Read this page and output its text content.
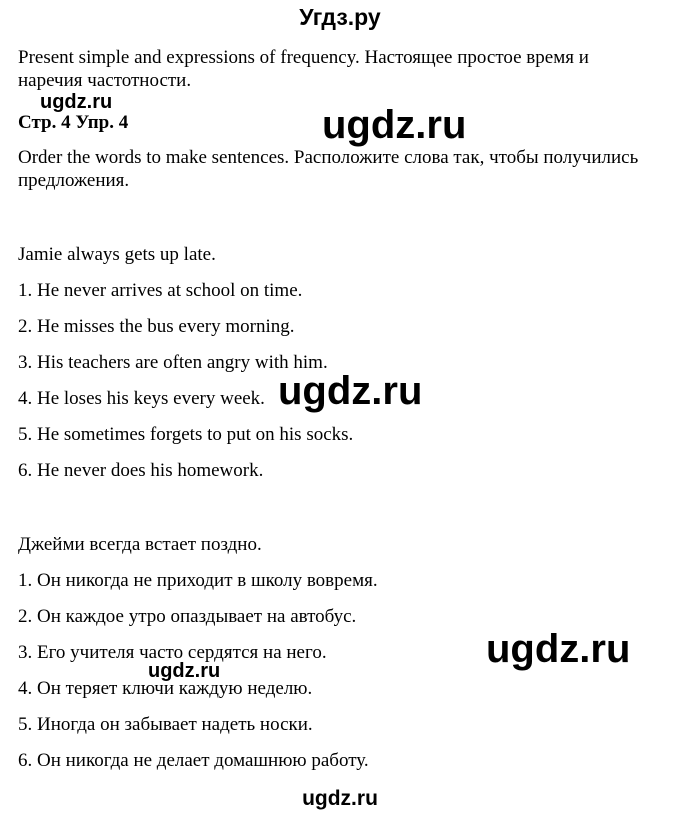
Угдз.ру

Present simple and expressions of frequency. Настоящее простое время и наречия частотности.

ugdz.ru

Стр. 4 Упр. 4	ugdz.ru

Order the words to make sentences. Расположите слова так, чтобы получились предложения.

Jamie always gets up late.

1. He never arrives at school on time.

2. He misses the bus every morning.

3. His teachers are often angry with him.

4. He loses his keys every week.

5. He sometimes forgets to put on his socks.

6. He never does his homework.

ugdz.ru

Джейми всегда встает поздно.

1. Он никогда не приходит в школу вовремя.

2. Он каждое утро опаздывает на автобус.

3. Его учителя часто сердятся на него.

4. Он теряет ключи каждую неделю.

5. Иногда он забывает надеть носки.

6. Он никогда не делает домашнюю работу.

ugdz.ru
ugdz.ru
ugdz.ru
